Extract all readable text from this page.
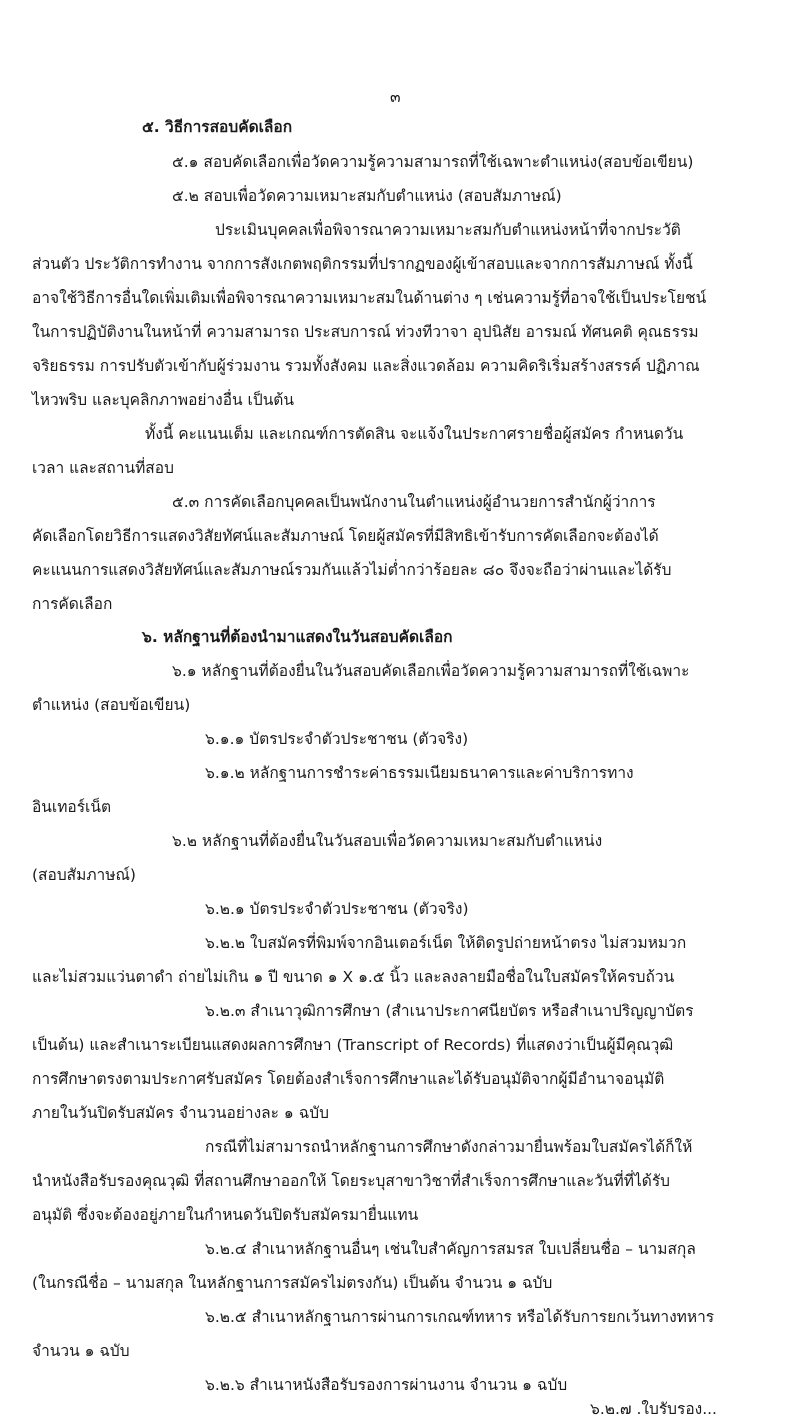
๓
๕. วิธีการสอบคัดเลือก
๕.๑ สอบคัดเลือกเพื่อวัดความรู้ความสามารถที่ใช้เฉพาะตำแหน่ง(สอบข้อเขียน)
๕.๒ สอบเพื่อวัดความเหมาะสมกับตำแหน่ง (สอบสัมภาษณ์)
ประเมินบุคคลเพื่อพิจารณาความเหมาะสมกับตำแหน่งหน้าที่จากประวัติ
ส่วนตัว ประวัติการทำงาน จากการสังเกตพฤติกรรมที่ปรากฏของผู้เข้าสอบและจากการสัมภาษณ์ ทั้งนี้
อาจใช้วิธีการอื่นใดเพิ่มเติมเพื่อพิจารณาความเหมาะสมในด้านต่าง ๆ เช่นความรู้ที่อาจใช้เป็นประโยชน์
ในการปฏิบัติงานในหน้าที่ ความสามารถ ประสบการณ์ ท่วงทีวาจา อุปนิสัย อารมณ์ ทัศนคติ คุณธรรม
จริยธรรม การปรับตัวเข้ากับผู้ร่วมงาน รวมทั้งสังคม และสิ่งแวดล้อม ความคิดริเริ่มสร้างสรรค์ ปฏิภาณ
ไหวพริบ และบุคลิกภาพอย่างอื่น เป็นต้น
ทั้งนี้ คะแนนเต็ม และเกณฑ์การตัดสิน จะแจ้งในประกาศรายชื่อผู้สมัคร กำหนดวัน
เวลา และสถานที่สอบ
๕.๓ การคัดเลือกบุคคลเป็นพนักงานในตำแหน่งผู้อำนวยการสำนักผู้ว่าการ
คัดเลือกโดยวิธีการแสดงวิสัยทัศน์และสัมภาษณ์ โดยผู้สมัครที่มีสิทธิเข้ารับการคัดเลือกจะต้องได้
คะแนนการแสดงวิสัยทัศน์และสัมภาษณ์รวมกันแล้วไม่ต่ำกว่าร้อยละ ๘๐ จึงจะถือว่าผ่านและได้รับ
การคัดเลือก
๖. หลักฐานที่ต้องนำมาแสดงในวันสอบคัดเลือก
๖.๑ หลักฐานที่ต้องยื่นในวันสอบคัดเลือกเพื่อวัดความรู้ความสามารถที่ใช้เฉพาะ
ตำแหน่ง (สอบข้อเขียน)
๖.๑.๑ บัตรประจำตัวประชาชน (ตัวจริง)
๖.๑.๒ หลักฐานการชำระค่าธรรมเนียมธนาคารและค่าบริการทาง
อินเทอร์เน็ต
๖.๒ หลักฐานที่ต้องยื่นในวันสอบเพื่อวัดความเหมาะสมกับตำแหน่ง
(สอบสัมภาษณ์)
๖.๒.๑ บัตรประจำตัวประชาชน (ตัวจริง)
๖.๒.๒ ใบสมัครที่พิมพ์จากอินเตอร์เน็ต ให้ติดรูปถ่ายหน้าตรง ไม่สวมหมวก
และไม่สวมแว่นตาดำ ถ่ายไม่เกิน ๑ ปี ขนาด ๑ X ๑.๕ นิ้ว และลงลายมือชื่อในใบสมัครให้ครบถ้วน
๖.๒.๓ สำเนาวุฒิการศึกษา (สำเนาประกาศนียบัตร หรือสำเนาปริญญาบัตร
เป็นต้น) และสำเนาระเบียนแสดงผลการศึกษา (Transcript of Records) ที่แสดงว่าเป็นผู้มีคุณวุฒิ
การศึกษาตรงตามประกาศรับสมัคร โดยต้องสำเร็จการศึกษาและได้รับอนุมัติจากผู้มีอำนาจอนุมัติ
ภายในวันปิดรับสมัคร จำนวนอย่างละ ๑ ฉบับ
กรณีที่ไม่สามารถนำหลักฐานการศึกษาดังกล่าวมายื่นพร้อมใบสมัครได้ก็ให้
นำหนังสือรับรองคุณวุฒิ ที่สถานศึกษาออกให้ โดยระบุสาขาวิชาที่สำเร็จการศึกษาและวันที่ที่ได้รับ
อนุมัติ ซึ่งจะต้องอยู่ภายในกำหนดวันปิดรับสมัครมายื่นแทน
๖.๒.๔ สำเนาหลักฐานอื่นๆ เช่นใบสำคัญการสมรส ใบเปลี่ยนชื่อ – นามสกุล
(ในกรณีชื่อ – นามสกุล ในหลักฐานการสมัครไม่ตรงกัน) เป็นต้น จำนวน ๑ ฉบับ
๖.๒.๕ สำเนาหลักฐานการผ่านการเกณฑ์ทหาร หรือได้รับการยกเว้นทางทหาร
จำนวน ๑ ฉบับ
๖.๒.๖ สำเนาหนังสือรับรองการผ่านงาน จำนวน ๑ ฉบับ
๖.๒.๗ .ใบรับรอง...
